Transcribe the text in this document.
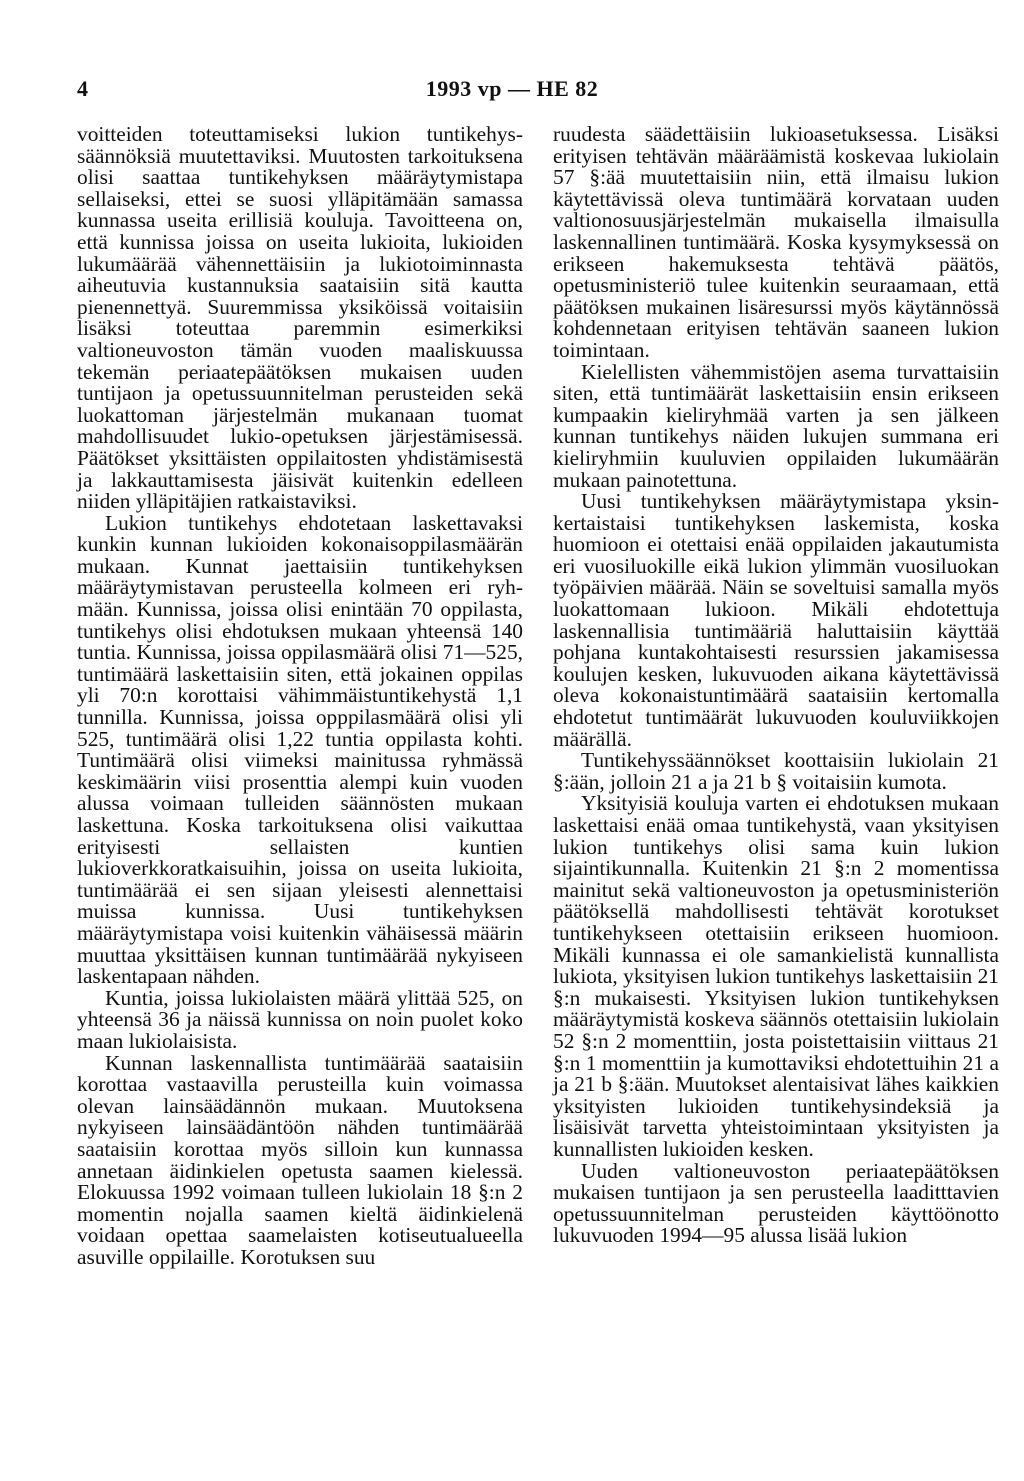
4	1993 vp — HE 82

voitteiden toteuttamiseksi lukion tuntikehyssäännöksiä muutettaviksi. Muutosten tarkoituksena olisi saattaa tuntikehyksen määräytymistapa sellaiseksi, ettei se suosi ylläpitämään samassa kunnassa useita erillisiä kouluja. Tavoitteena on, että kunnissa joissa on useita lukioita, lukioiden lukumäärää vähennettäisiin ja lukiotoiminnasta aiheutuvia kustannuksia saataisiin sitä kautta pienennettyä. Suuremmissa yksiköissä voitaisiin lisäksi toteuttaa paremmin esimerkiksi valtioneuvoston tämän vuoden maaliskuussa tekemän periaatepäätöksen mukaisen uuden tuntijaon ja opetussuunnitelman perusteiden sekä luokattoman järjestelmän mukanaan tuomat mahdollisuudet lukio-opetuksen järjestämisessä. Päätökset yksittäisten oppilaitosten yhdistämisestä ja lakkauttamisesta jäisivät kuitenkin edelleen niiden ylläpitäjien ratkaistaviksi.

Lukion tuntikehys ehdotetaan laskettavaksi kunkin kunnan lukioiden kokonaisoppilasmäärän mukaan. Kunnat jaettaisiin tuntikehyksen määräytymistavan perusteella kolmeen eri ryhmään. Kunnissa, joissa olisi enintään 70 oppilasta, tuntikehys olisi ehdotuksen mukaan yhteensä 140 tuntia. Kunnissa, joissa oppilasmäärä olisi 71—525, tuntimäärä laskettaisiin siten, että jokainen oppilas yli 70:n korottaisi vähimmäistuntikehystä 1,1 tunnilla. Kunnissa, joissa opppilasmäärä olisi yli 525, tuntimäärä olisi 1,22 tuntia oppilasta kohti. Tuntimäärä olisi viimeksi mainitussa ryhmässä keskimäärin viisi prosenttia alempi kuin vuoden alussa voimaan tulleiden säännösten mukaan laskettuna. Koska tarkoituksena olisi vaikuttaa erityisesti sellaisten kuntien lukioverkkoratkaisuihin, joissa on useita lukioita, tuntimäärää ei sen sijaan yleisesti alennettaisi muissa kunnissa. Uusi tuntikehyksen määräytymistapa voisi kuitenkin vähäisessä määrin muuttaa yksittäisen kunnan tuntimäärää nykyiseen laskentapaan nähden.

Kuntia, joissa lukiolaisten määrä ylittää 525, on yhteensä 36 ja näissä kunnissa on noin puolet koko maan lukiolaisista.

Kunnan laskennallista tuntimäärää saataisiin korottaa vastaavilla perusteilla kuin voimassa olevan lainsäädännön mukaan. Muutoksena nykyiseen lainsäädäntöön nähden tuntimäärää saataisiin korottaa myös silloin kun kunnassa annetaan äidinkielen opetusta saamen kielessä. Elokuussa 1992 voimaan tulleen lukiolain 18 §:n 2 momentin nojalla saamen kieltä äidinkielenä voidaan opettaa saamelaisten kotiseutualueella asuville oppilaille. Korotuksen suu

ruudesta säädettäisiin lukioasetuksessa. Lisäksi erityisen tehtävän määräämistä koskevaa lukiolain 57 §:ää muutettaisiin niin, että ilmaisu lukion käytettävissä oleva tuntimäärä korvataan uuden valtionosuusjärjestelmän mukaisella ilmaisulla laskennallinen tuntimäärä. Koska kysymyksessä on erikseen hakemuksesta tehtävä päätös, opetusministeriö tulee kuitenkin seuraamaan, että päätöksen mukainen lisäresurssi myös käytännössä kohdennetaan erityisen tehtävän saaneen lukion toimintaan.

Kielellisten vähemmistöjen asema turvattaisiin siten, että tuntimäärät laskettaisiin ensin erikseen kumpaakin kieliryhmää varten ja sen jälkeen kunnan tuntikehys näiden lukujen summana eri kieliryhmiin kuuluvien oppilaiden lukumäärän mukaan painotettuna.

Uusi tuntikehyksen määräytymistapa yksinkertaistaisi tuntikehyksen laskemista, koska huomioon ei otettaisi enää oppilaiden jakautumista eri vuosiluokille eikä lukion ylimmän vuosiluokan työpäivien määrää. Näin se soveltuisi samalla myös luokattomaan lukioon. Mikäli ehdotettuja laskennallisia tuntimääriä haluttaisiin käyttää pohjana kuntakohtaisesti resurssien jakamisessa koulujen kesken, lukuvuoden aikana käytettävissä oleva kokonaistuntimäärä saataisiin kertomalla ehdotetut tuntimäärät lukuvuoden kouluviikkojen määrällä.

Tuntikehyssäännökset koottaisiin lukiolain 21 §:ään, jolloin 21 a ja 21 b § voitaisiin kumota.

Yksityisiä kouluja varten ei ehdotuksen mukaan laskettaisi enää omaa tuntikehystä, vaan yksityisen lukion tuntikehys olisi sama kuin lukion sijaintikunnalla. Kuitenkin 21 §:n 2 momentissa mainitut sekä valtioneuvoston ja opetusministeriön päätöksellä mahdollisesti tehtävät korotukset tuntikehykseen otettaisiin erikseen huomioon. Mikäli kunnassa ei ole samankielistä kunnallista lukiota, yksityisen lukion tuntikehys laskettaisiin 21 §:n mukaisesti. Yksityisen lukion tuntikehyksen määräytymistä koskeva säännös otettaisiin lukiolain 52 §:n 2 momenttiin, josta poistettaisiin viittaus 21 §:n 1 momenttiin ja kumottaviksi ehdotettuihin 21 a ja 21 b §:ään. Muutokset alentaisivat lähes kaikkien yksityisten lukioiden tuntikehysindeksiä ja lisäisivät tarvetta yhteistoimintaan yksityisten ja kunnallisten lukioiden kesken.

Uuden valtioneuvoston periaatepäätöksen mukaisen tuntijaon ja sen perusteella laaditttavien opetussuunnitelman perusteiden käyttöönotto lukuvuoden 1994—95 alussa lisää lukion
